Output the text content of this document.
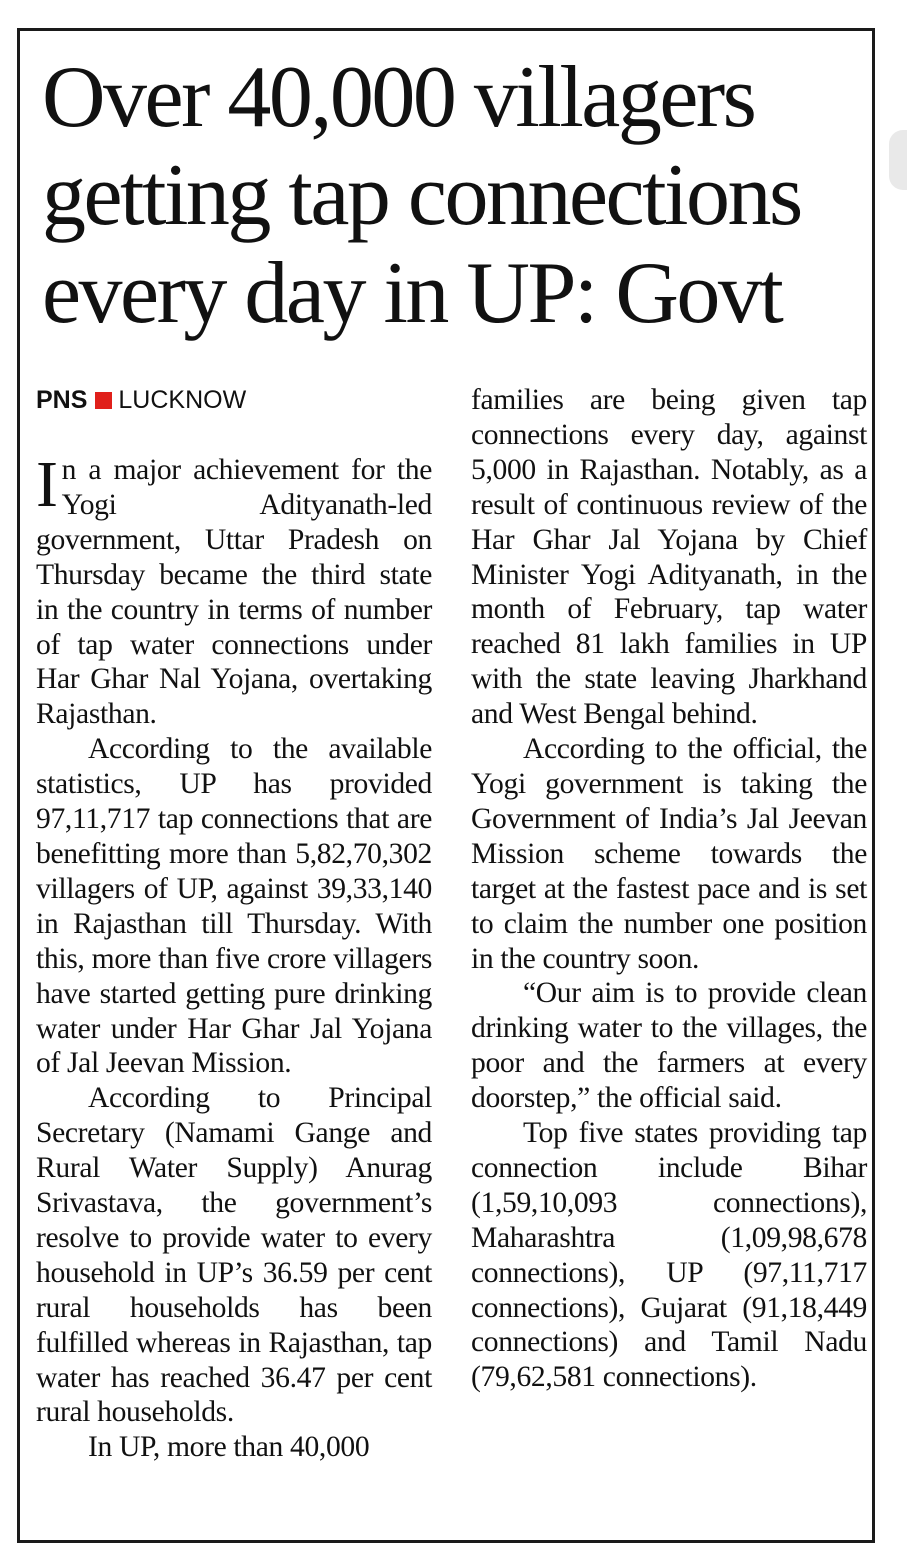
Over 40,000 villagers getting tap connections every day in UP: Govt
PNS LUCKNOW

In a major achievement for the Yogi Adityanath-led government, Uttar Pradesh on Thursday became the third state in the country in terms of number of tap water connections under Har Ghar Nal Yojana, overtaking Rajasthan.

According to the available statistics, UP has provided 97,11,717 tap connections that are benefitting more than 5,82,70,302 villagers of UP, against 39,33,140 in Rajasthan till Thursday. With this, more than five crore villagers have started getting pure drinking water under Har Ghar Jal Yojana of Jal Jeevan Mission.

According to Principal Secretary (Namami Gange and Rural Water Supply) Anurag Srivastava, the government’s resolve to provide water to every household in UP’s 36.59 per cent rural households has been fulfilled whereas in Rajasthan, tap water has reached 36.47 per cent rural households.

In UP, more than 40,000

families are being given tap connections every day, against 5,000 in Rajasthan. Notably, as a result of continuous review of the Har Ghar Jal Yojana by Chief Minister Yogi Adityanath, in the month of February, tap water reached 81 lakh families in UP with the state leaving Jharkhand and West Bengal behind.

According to the official, the Yogi government is taking the Government of India’s Jal Jeevan Mission scheme towards the target at the fastest pace and is set to claim the number one position in the country soon.

“Our aim is to provide clean drinking water to the villages, the poor and the farmers at every doorstep,” the official said.

Top five states providing tap connection include Bihar (1,59,10,093 connections), Maharashtra (1,09,98,678 connections), UP (97,11,717 connections), Gujarat (91,18,449 connections) and Tamil Nadu (79,62,581 connections).
